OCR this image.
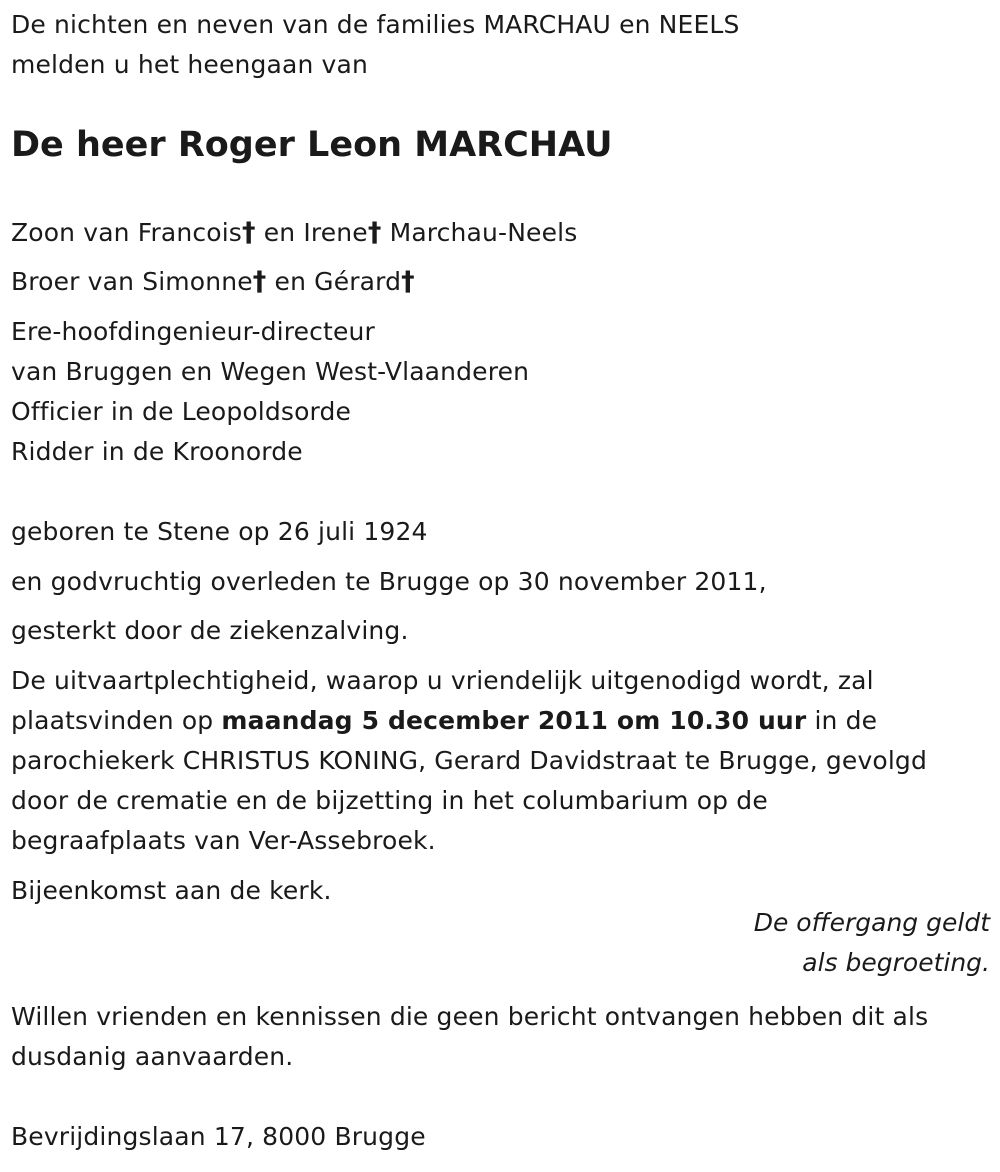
De nichten en neven van de families MARCHAU en NEELS
melden u het heengaan van
De heer Roger Leon MARCHAU
Zoon van Francois† en Irene† Marchau-Neels
Broer van Simonne† en Gérard†
Ere-hoofdingenieur-directeur
van Bruggen en Wegen West-Vlaanderen
Officier in de Leopoldsorde
Ridder in de Kroonorde
geboren te Stene op 26 juli 1924
en godvruchtig overleden te Brugge op 30 november 2011,
gesterkt door de ziekenzalving.
De uitvaartplechtigheid, waarop u vriendelijk uitgenodigd wordt, zal
plaatsvinden op maandag 5 december 2011 om 10.30 uur in de
parochiekerk CHRISTUS KONING, Gerard Davidstraat te Brugge, gevolgd
door de crematie en de bijzetting in het columbarium op de
begraafplaats van Ver-Assebroek.
Bijeenkomst aan de kerk.
De offergang geldt
als begroeting.
Willen vrienden en kennissen die geen bericht ontvangen hebben dit als
dusdanig aanvaarden.
Bevrijdingslaan 17, 8000 Brugge
